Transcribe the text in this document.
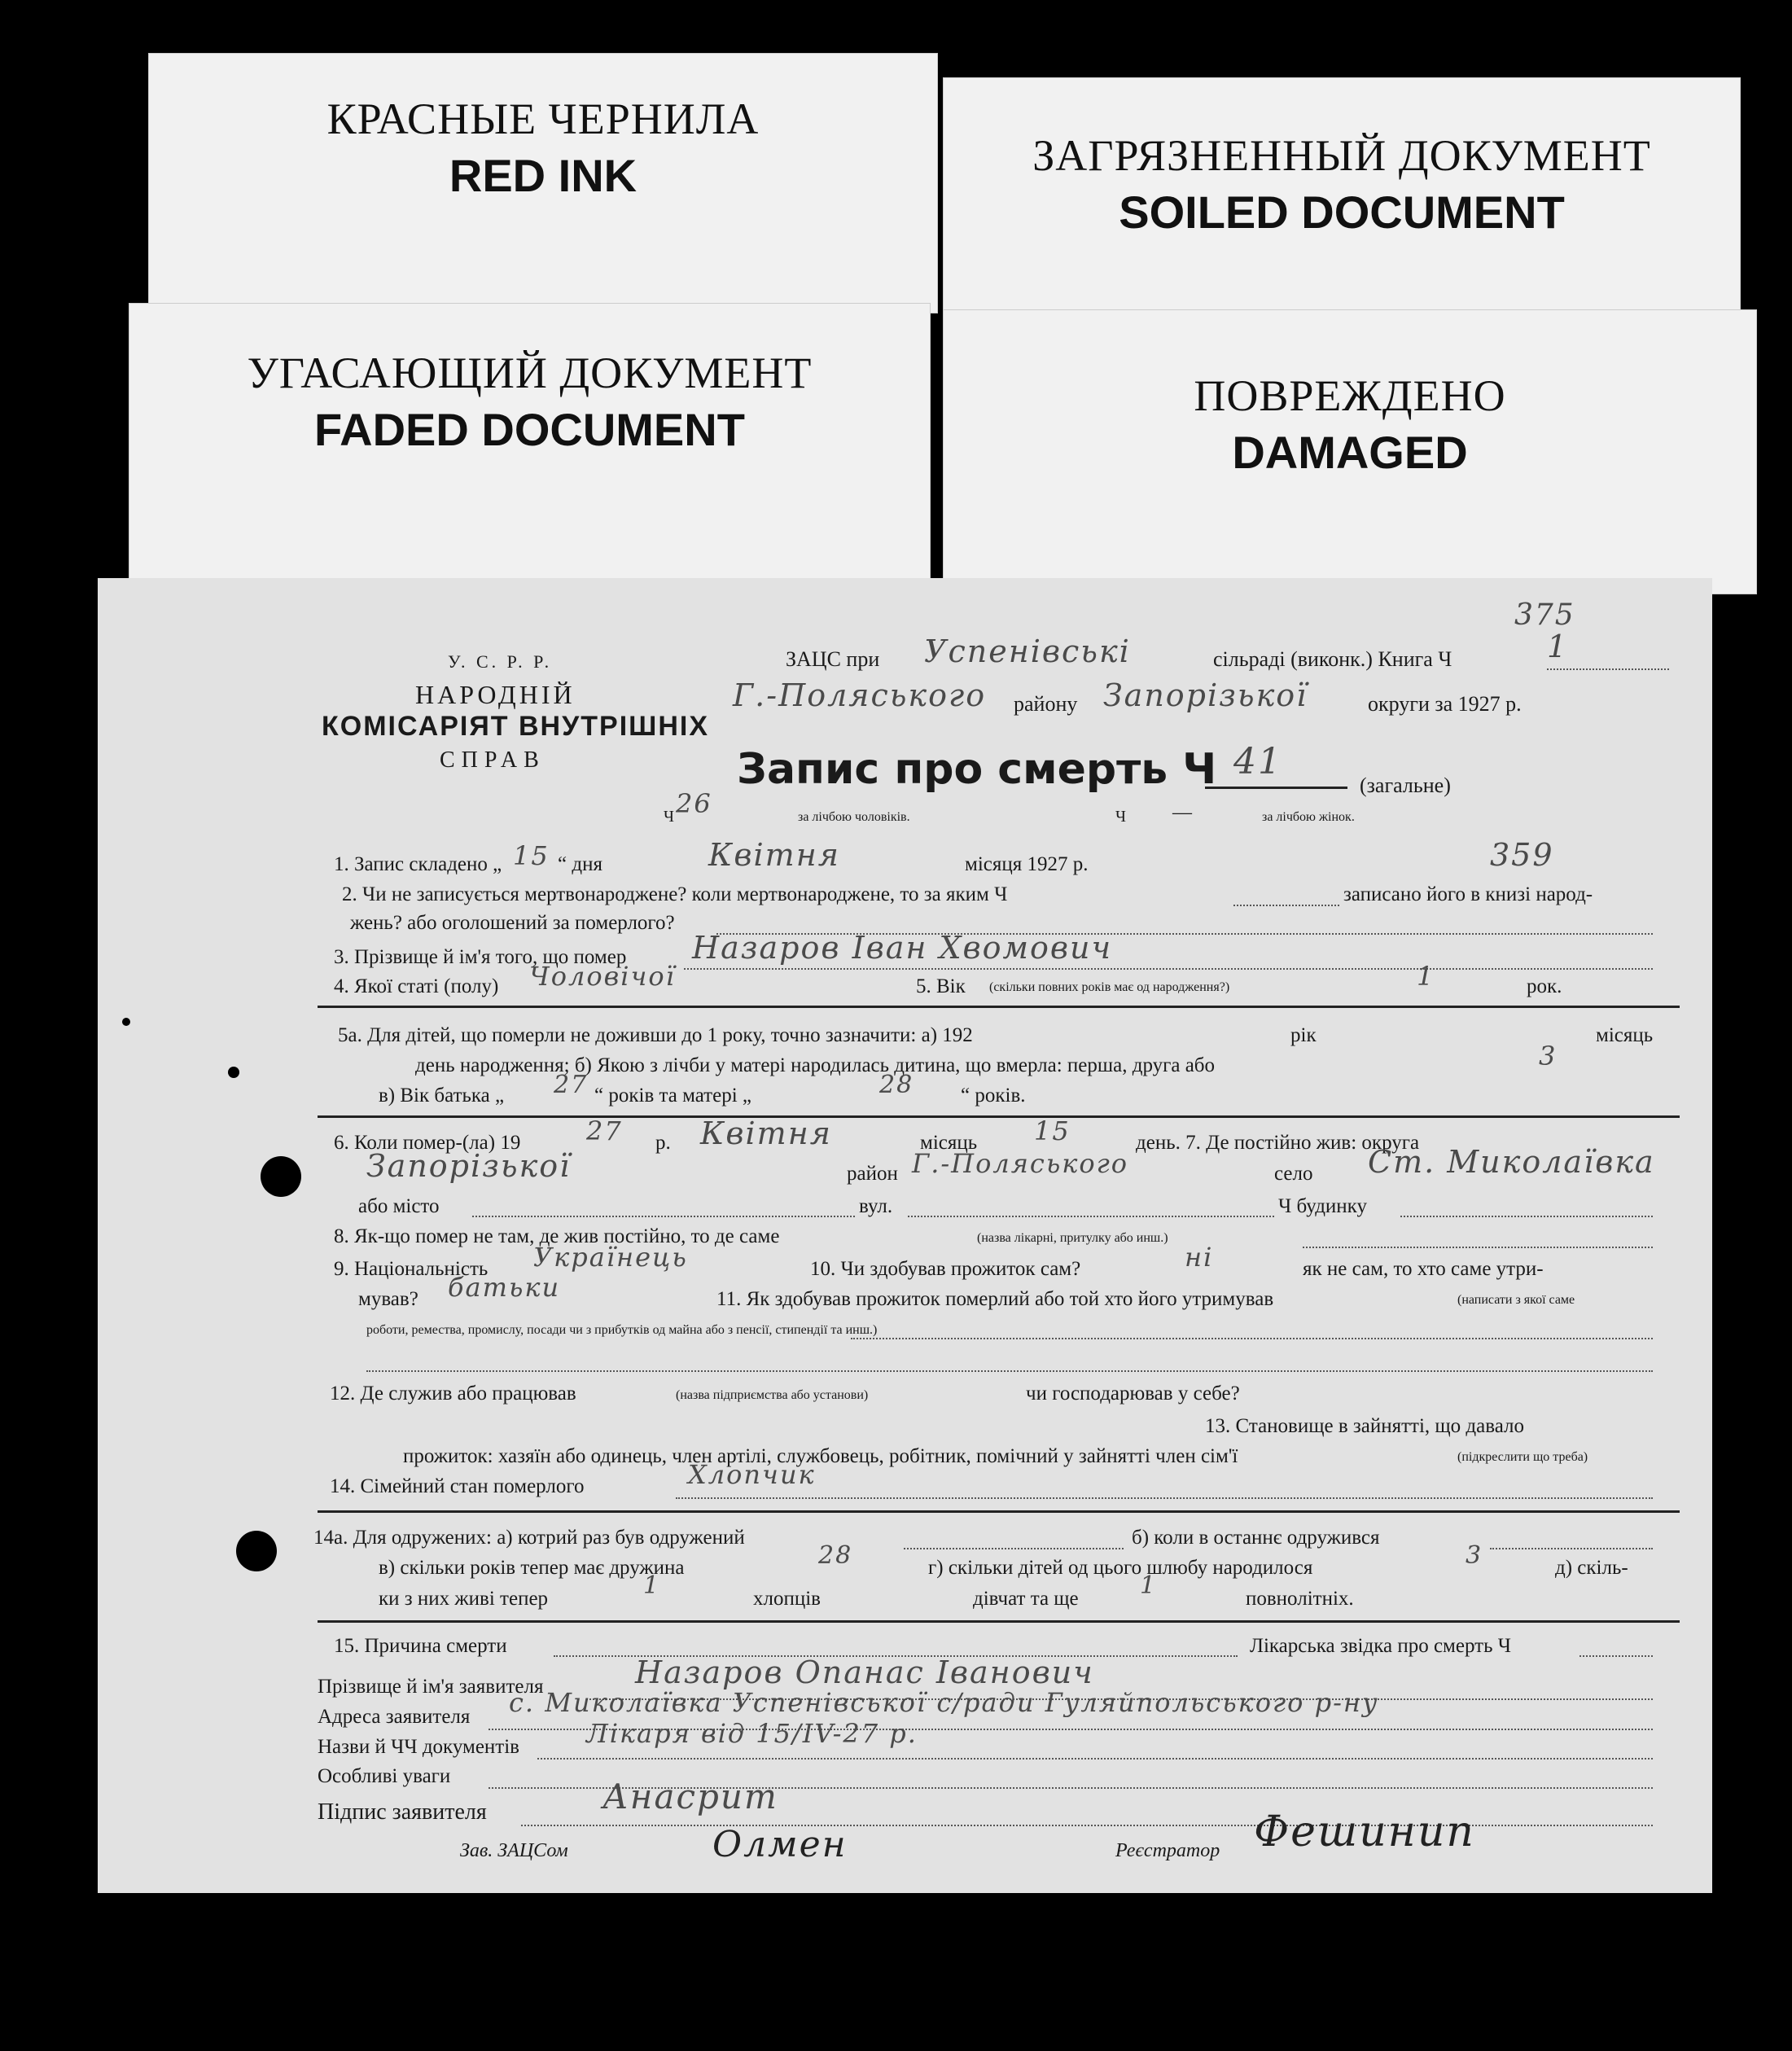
КРАСНЫЕ ЧЕРНИЛА
RED INK	ЗАГРЯЗНЕННЫЙ ДОКУМЕНТ
SOILED DOCUMENT
УГАСАЮЩИЙ ДОКУМЕНТ
FADED DOCUMENT
ПОВРЕЖДЕНО
DAMAGED
У. С. Р. Р.
НАРОДНІЙ
КОМІСАРІЯТ ВНУТРІШНІХ
СПРАВ
375
ЗАЦС при Успенівські	сільраді (виконк.) Книга Ч	1
Г.-Поляського району Запорізької	округи за 1927 р.
Запис про смерть Ч 41
(загальне)
Ч 26	за лічбою чоловіків.	Ч —	за лічбою жінок.
1. Запис складено „ 15 “ дня	Квітня	місяця 1927 р.	359
2. Чи не записується мертвонароджене? коли мертвонароджене, то за яким Ч	записано його в книзі народ-
жень? або оголошений за померлого?
3. Прізвище й ім'я того, що помер Назаров Іван Хвомович
4. Якої статі (полу) Чоловічої	5. Вік (скільки повних років має од народження?)	1	рок.
5а. Для дітей, що померли не доживши до 1 року, точно зазначити: а) 192	рік	місяць
день народження; б) Якою з лічби у матері народилась дитина, що вмерла: перша, друга або	3
в) Вік батька „ 27 “ років та матері „	28 “ років.
6. Коли помер-(ла) 19	27 р. Квітня	місяць 15	день. 7. Де постійно жив: округа
Запорізької	район Г.-Поляського	село Ст. Миколаївка
або місто	вул.	Ч будинку
8. Як-що помер не там, де жив постійно, то де саме	(назва лікарні, притулку або инш.)
9. Національність Українець	10. Чи здобував прожиток сам?	ні	як не сам, то хто саме утри-
мував? батьки	11. Як здобував прожиток померлий або той хто його утримував	(написати з якої саме
роботи, ремества, промислу, посади чи з прибутків од майна або з пенсії, стипендії та инш.)
12. Де служив або працював	(назва підприємства або установи)	чи господарював у себе?
13. Становище в зайнятті, що давало
прожиток: хазяїн або одинець, член артілі, службовець, робітник, помічний у зайнятті член сім'ї	(підкреслити що треба)
14. Сімейний стан померлого	Хлопчик
14а. Для одружених: а) котрий раз був одружений	б) коли в останнє одружився
в) скільки років тепер має дружина	28	г) скільки дітей од цього шлюбу народилося	3	д) скіль-
ки з них живі тепер	1	хлопців	дівчат та ще	1	повнолітніх.
15. Причина смерти	Лікарська звідка про смерть Ч
Прізвище й ім'я заявителя	Назаров Опанас Іванович
Адреса заявителя с. Миколаївка Успенівської с/ради Гуляйпольського р-ну
Назви й ЧЧ документів	Лікаря від 15/IV-27 р.
Особливі уваги
Підпис заявителя	Анасрит
Зав. ЗАЦСом	Олмен	Реєстратор Фешинип
